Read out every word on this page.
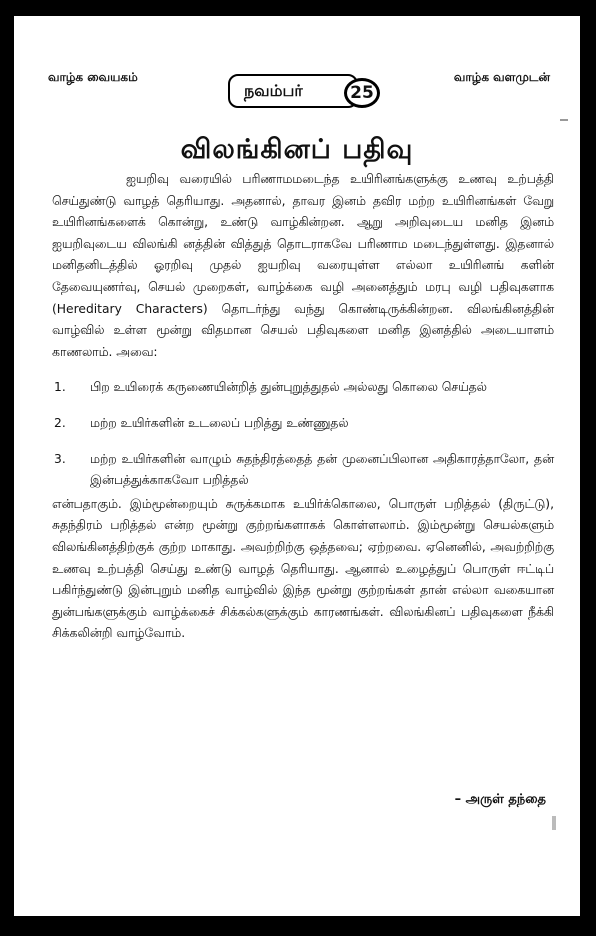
வாழ்க வையகம்
நவம்பர்	25
வாழ்க வளமுடன்
விலங்கினப் பதிவு

ஐயறிவு வரையில் பரிணாமமடைந்த உயிரினங்களுக்கு உணவு உற்பத்தி செய்துண்டு வாழத் தெரியாது. அதனால், தாவர இனம் தவிர மற்ற உயிரினங்கள் வேறு உயிரினங்களைக் கொன்று, உண்டு வாழ்கின்றன. ஆறு அறிவுடைய மனித இனம் ஐயறிவுடைய விலங்கி னத்தின் வித்துத் தொடராகவே பரிணாம மடைந்துள்ளது. இதனால் மனிதனிடத்தில் ஓரறிவு முதல் ஐயறிவு வரையுள்ள எல்லா உயிரினங் களின் தேவையுணர்வு, செயல் முறைகள், வாழ்க்கை வழி அனைத்தும் மரபு வழி பதிவுகளாக (Hereditary Characters) தொடர்ந்து வந்து கொண்டிருக்கின்றன. விலங்கினத்தின் வாழ்வில் உள்ள மூன்று விதமான செயல் பதிவுகளை மனித இனத்தில் அடையாளம் காணலாம். அவை:

1. பிற உயிரைக் கருணையின்றித் துன்புறுத்துதல் அல்லது கொலை செய்தல்
2. மற்ற உயிர்களின் உடலைப் பறித்து உண்ணுதல்
3. மற்ற உயிர்களின் வாழும் சுதந்திரத்தைத் தன் முனைப்பிலான அதிகாரத்தாலோ, தன் இன்பத்துக்காகவோ பறித்தல்

என்பதாகும். இம்மூன்றையும் சுருக்கமாக உயிர்க்கொலை, பொருள் பறித்தல் (திருட்டு), சுதந்திரம் பறித்தல் என்ற மூன்று குற்றங்களாகக் கொள்ளலாம். இம்மூன்று செயல்களும் விலங்கினத்திற்குக் குற்ற மாகாது. அவற்றிற்கு ஒத்தவை; ஏற்றவை. ஏனெனில், அவற்றிற்கு உணவு உற்பத்தி செய்து உண்டு வாழத் தெரியாது. ஆனால் உழைத்துப் பொருள் ஈட்டிப் பகிர்ந்துண்டு இன்புறும் மனித வாழ்வில் இந்த மூன்று குற்றங்கள் தான் எல்லா வகையான துன்பங்களுக்கும் வாழ்க்கைச் சிக்கல்களுக்கும் காரணங்கள். விலங்கினப் பதிவுகளை நீக்கி சிக்கலின்றி வாழ்வோம்.

– அருள் தந்தை
